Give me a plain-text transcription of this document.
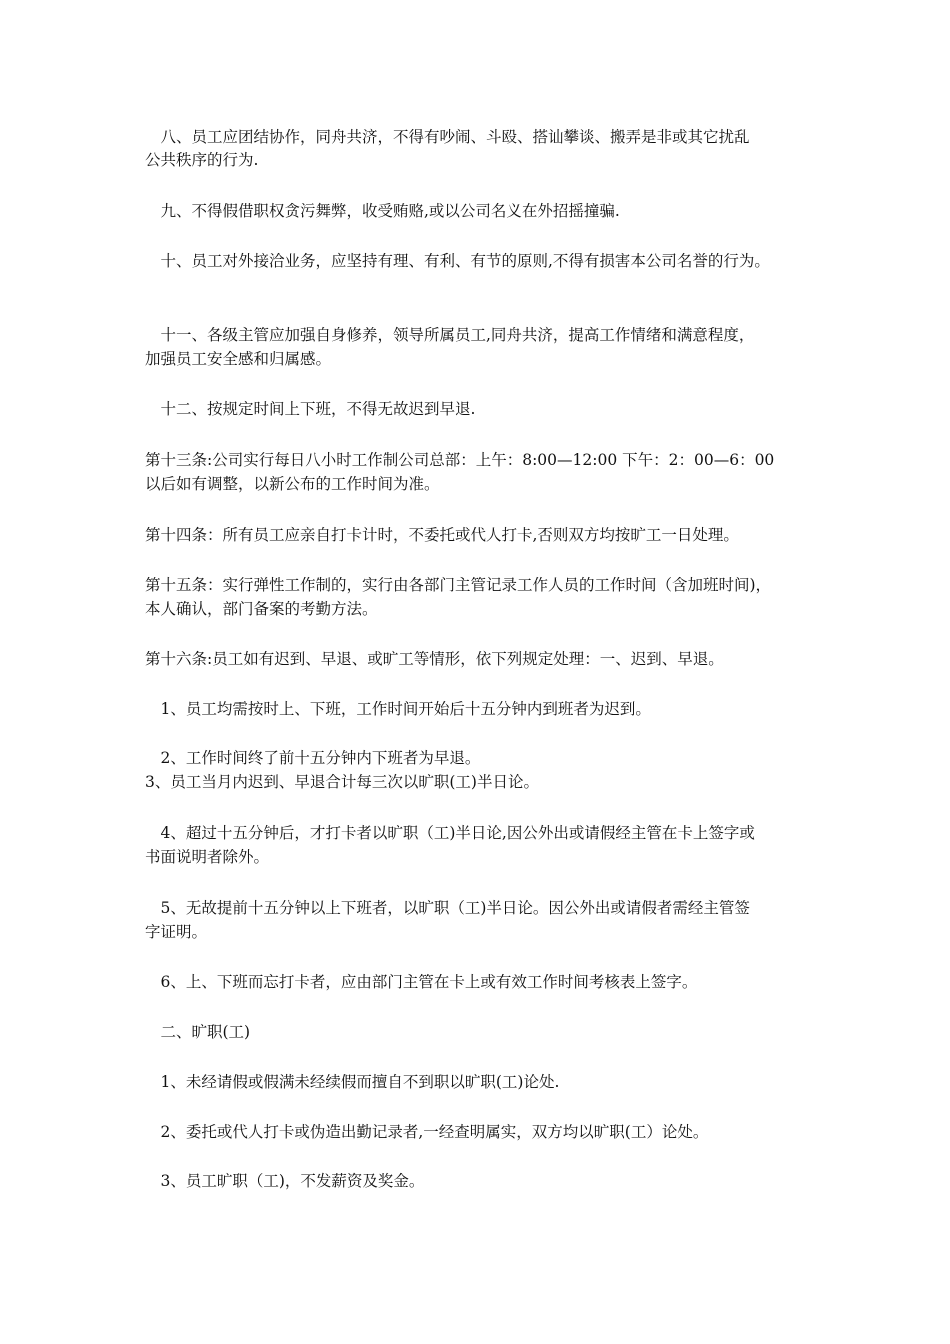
　八、员工应团结协作，同舟共济，不得有吵闹、斗殴、搭讪攀谈、搬弄是非或其它扰乱
公共秩序的行为.
　九、不得假借职权贪污舞弊，收受贿赂,或以公司名义在外招摇撞骗.
　十、员工对外接洽业务，应坚持有理、有利、有节的原则,不得有损害本公司名誉的行为。
　十一、各级主管应加强自身修养，领导所属员工,同舟共济，提高工作情绪和满意程度，
加强员工安全感和归属感。
　十二、按规定时间上下班，不得无故迟到早退.
第十三条:公司实行每日八小时工作制公司总部：上午：8:00—12:00 下午：2：00—6：00
以后如有调整，以新公布的工作时间为准。
第十四条：所有员工应亲自打卡计时，不委托或代人打卡,否则双方均按旷工一日处理。
第十五条：实行弹性工作制的，实行由各部门主管记录工作人员的工作时间（含加班时间)，
本人确认，部门备案的考勤方法。
第十六条:员工如有迟到、早退、或旷工等情形，依下列规定处理：一、迟到、早退。
　1、员工均需按时上、下班，工作时间开始后十五分钟内到班者为迟到。
　2、工作时间终了前十五分钟内下班者为早退。
3、员工当月内迟到、早退合计每三次以旷职(工)半日论。
　4、超过十五分钟后，才打卡者以旷职（工)半日论,因公外出或请假经主管在卡上签字或
书面说明者除外。
　5、无故提前十五分钟以上下班者，以旷职（工)半日论。因公外出或请假者需经主管签
字证明。
　6、上、下班而忘打卡者，应由部门主管在卡上或有效工作时间考核表上签字。
　二、旷职(工)
　1、未经请假或假满未经续假而擅自不到职以旷职(工)论处.
　2、委托或代人打卡或伪造出勤记录者,一经查明属实，双方均以旷职(工）论处。
　3、员工旷职（工)，不发薪资及奖金。
